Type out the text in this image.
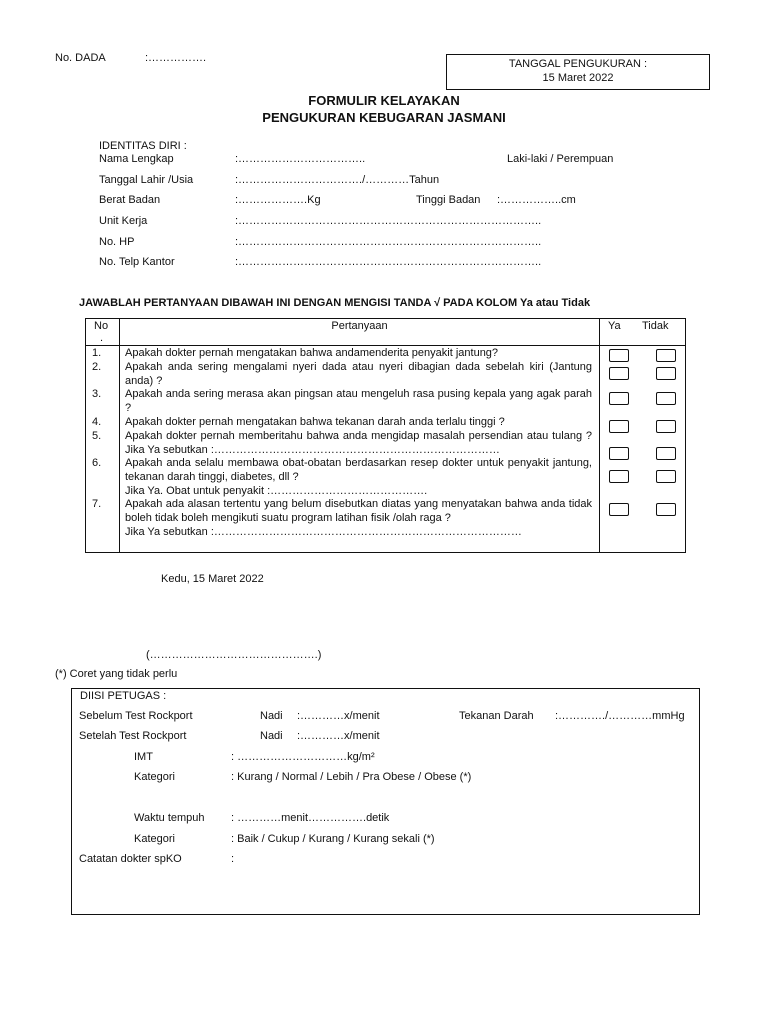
No. DADA	:…………….	TANGGAL PENGUKURAN :
15 Maret 2022
FORMULIR KELAYAKAN
PENGUKURAN KEBUGARAN JASMANI
IDENTITAS DIRI :
Nama Lengkap	:……………………………..	Laki-laki / Perempuan
Tanggal Lahir /Usia	:……………………………./…………Tahun
Berat Badan	:……………….Kg	Tinggi Badan :……………..cm
Unit Kerja	:………………………………………………………………………..
No. HP	:………………………………………………………………………..
No. Telp Kantor	:………………………………………………………………………..
JAWABLAH PERTANYAAN DIBAWAH INI DENGAN MENGISI TANDA √ PADA KOLOM Ya atau Tidak
No
.
Pertanyaan	Ya Tidak
1.	Apakah dokter pernah mengatakan bahwa andamenderita penyakit jantung?
2.	Apakah anda sering mengalami nyeri dada atau nyeri dibagian dada sebelah kiri (Jantung anda) ?
3.	Apakah anda sering merasa akan pingsan atau mengeluh rasa pusing kepala yang agak parah ?
4.	Apakah dokter pernah mengatakan bahwa tekanan darah anda terlalu tinggi ?
5.	Apakah dokter pernah memberitahu bahwa anda mengidap masalah persendian atau tulang ? Jika Ya sebutkan :……………………………………………………………………
6.	Apakah anda selalu membawa obat-obatan berdasarkan resep dokter untuk penyakit jantung, tekanan darah tinggi, diabetes, dll ?
Jika Ya. Obat untuk penyakit :…………………………………….
7.	Apakah ada alasan tertentu yang belum disebutkan diatas yang menyatakan bahwa anda tidak boleh tidak boleh mengikuti suatu program latihan fisik /olah raga ?
Jika Ya sebutkan :…………………………………………………………………………
Kedu, 15 Maret 2022
(……………………………………….)
(*) Coret yang tidak perlu
DIISI PETUGAS :
Sebelum Test Rockport	Nadi :…………x/menit	Tekanan Darah :…………./…………mmHg
Setelah Test Rockport	Nadi :…………x/menit
IMT	: …………………………kg/m²
Kategori	: Kurang / Normal / Lebih / Pra Obese / Obese (*)
Waktu tempuh : …………menit…………….detik
Kategori	: Baik / Cukup / Kurang / Kurang sekali (*)
Catatan dokter spKO	:
